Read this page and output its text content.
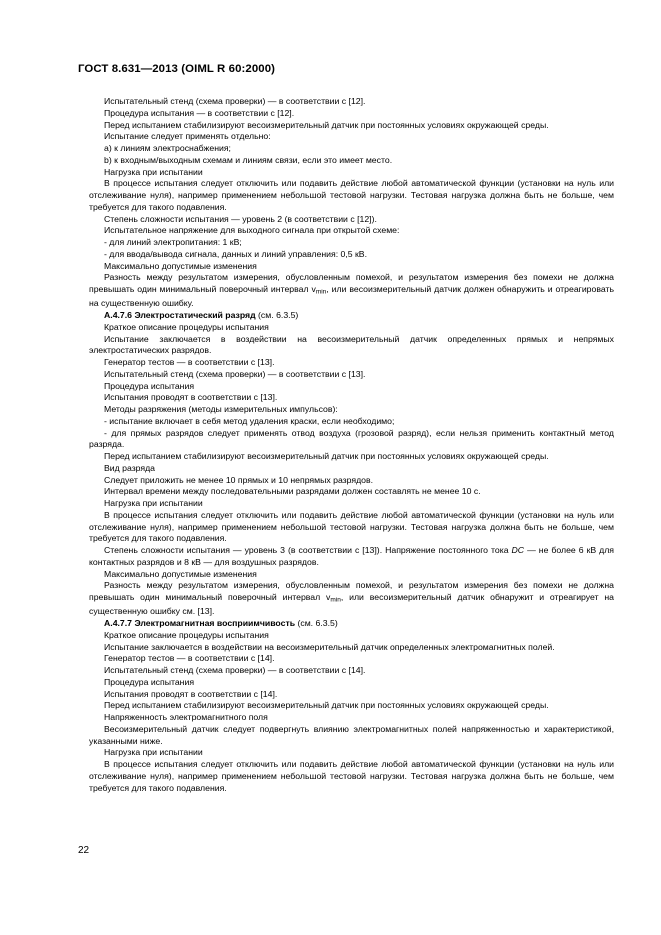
ГОСТ 8.631—2013 (OIML R 60:2000)

Испытательный стенд (схема проверки) — в соответствии с [12].

Процедура испытания — в соответствии с [12].

Перед испытанием стабилизируют весоизмерительный датчик при постоянных условиях окружающей среды.

Испытание следует применять отдельно:

a) к линиям электроснабжения;

b) к входным/выходным схемам и линиям связи, если это имеет место.

Нагрузка при испытании

В процессе испытания следует отключить или подавить действие любой автоматической функции (установки на нуль или отслеживание нуля), например применением небольшой тестовой нагрузки. Тестовая нагрузка должна быть не больше, чем требуется для такого подавления.

Степень сложности испытания — уровень 2 (в соответствии с [12]).

Испытательное напряжение для выходного сигнала при открытой схеме:

- для линий электропитания: 1 кВ;

- для ввода/вывода сигнала, данных и линий управления: 0,5 кВ.

Максимально допустимые изменения

Разность между результатом измерения, обусловленным помехой, и результатом измерения без помехи не должна превышать один минимальный поверочный интервал $v_{min}$, или весоизмерительный датчик должен обнаружить и отреагировать на существенную ошибку.

А.4.7.6 Электростатический разряд (см. 6.3.5)

Краткое описание процедуры испытания

Испытание заключается в воздействии на весоизмерительный датчик определенных прямых и непрямых электростатических разрядов.

Генератор тестов — в соответствии с [13].

Испытательный стенд (схема проверки) — в соответствии с [13].

Процедура испытания

Испытания проводят в соответствии с [13].

Методы разряжения (методы измерительных импульсов):

- испытание включает в себя метод удаления краски, если необходимо;

- для прямых разрядов следует применять отвод воздуха (грозовой разряд), если нельзя применить контактный метод разряда.

Перед испытанием стабилизируют весоизмерительный датчик при постоянных условиях окружающей среды.

Вид разряда

Следует приложить не менее 10 прямых и 10 непрямых разрядов.

Интервал времени между последовательными разрядами должен составлять не менее 10 с.

Нагрузка при испытании

В процессе испытания следует отключить или подавить действие любой автоматической функции (установки на нуль или отслеживание нуля), например применением небольшой тестовой нагрузки. Тестовая нагрузка должна быть не больше, чем требуется для такого подавления.

Степень сложности испытания — уровень 3 (в соответствии с [13]). Напряжение постоянного тока DC — не более 6 кВ для контактных разрядов и 8 кВ — для воздушных разрядов.

Максимально допустимые изменения

Разность между результатом измерения, обусловленным помехой, и результатом измерения без помехи не должна превышать один минимальный поверочный интервал $v_{min}$, или весоизмерительный датчик обнаружит и отреагирует на существенную ошибку см. [13].

А.4.7.7 Электромагнитная восприимчивость (см. 6.3.5)

Краткое описание процедуры испытания

Испытание заключается в воздействии на весоизмерительный датчик определенных электромагнитных полей.

Генератор тестов — в соответствии с [14].

Испытательный стенд (схема проверки) — в соответствии с [14].

Процедура испытания

Испытания проводят в соответствии с [14].

Перед испытанием стабилизируют весоизмерительный датчик при постоянных условиях окружающей среды.

Напряженность электромагнитного поля

Весоизмерительный датчик следует подвергнуть влиянию электромагнитных полей напряженностью и характеристикой, указанными ниже.

Нагрузка при испытании

В процессе испытания следует отключить или подавить действие любой автоматической функции (установки на нуль или отслеживание нуля), например применением небольшой тестовой нагрузки. Тестовая нагрузка должна быть не больше, чем требуется для такого подавления.

22
